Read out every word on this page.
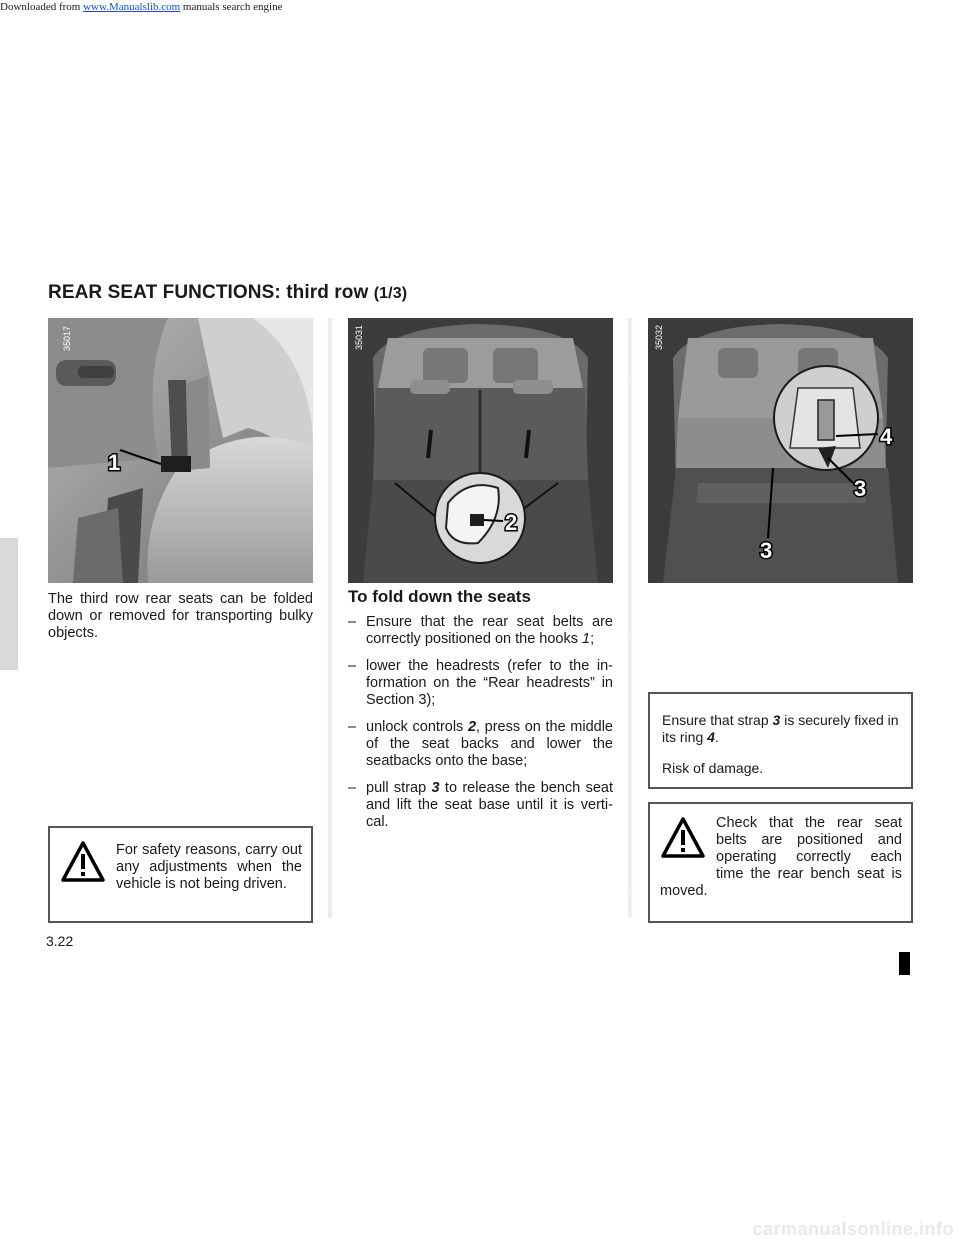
Downloaded from www.Manualslib.com manuals search engine
REAR SEAT FUNCTIONS: third row (1/3)
1
35017
2
35031
4
3
3
35032

The third row rear seats can be folded down or removed for transporting bulky objects.

To fold down the seats
– Ensure that the rear seat belts are correctly positioned on the hooks 1;
– lower the headrests (refer to the in-formation on the “Rear headrests” in Section 3);
– unlock controls 2, press on the middle of the seat backs and lower the seatbacks onto the base;
– pull strap 3 to release the bench seat and lift the seat base until it is verti-cal.

Ensure that strap 3 is securely fixed in its ring 4.

Risk of damage.

For safety reasons, carry out any adjustments when the vehicle is not being driven.

Check that the rear seat
belts are positioned and
operating correctly each
time the rear bench seat is
moved.
3.22
carmanualsonline.info
